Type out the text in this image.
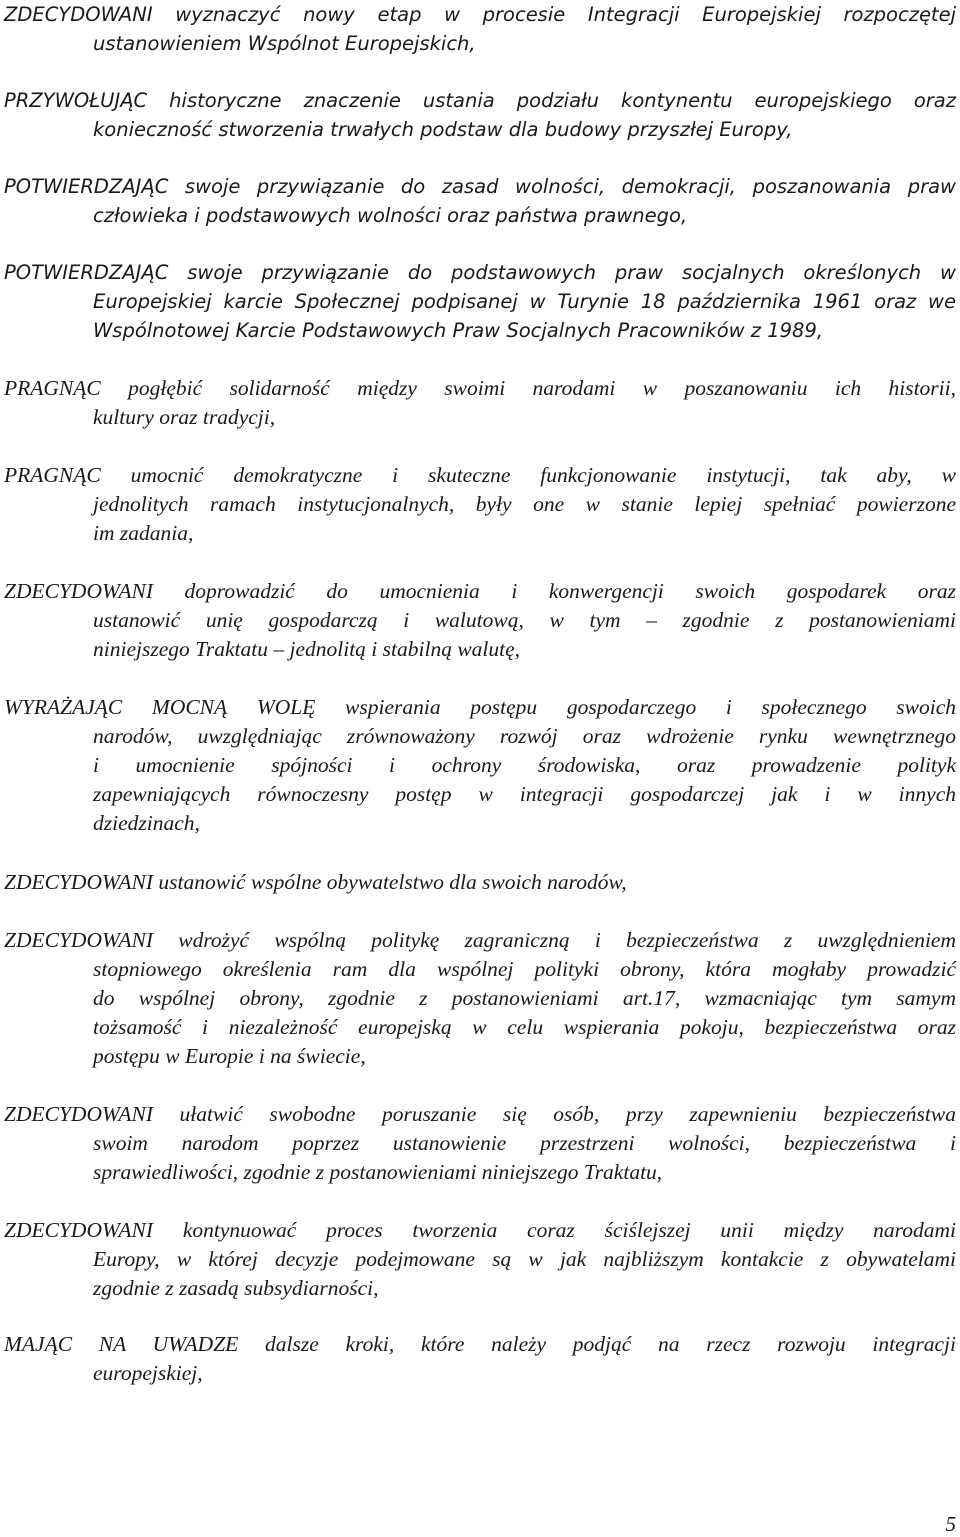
ZDECYDOWANI wyznaczyć nowy etap w procesie Integracji Europejskiej rozpoczętej
ustanowieniem Wspólnot Europejskich,

PRZYWOŁUJĄC historyczne znaczenie ustania podziału kontynentu europejskiego oraz
konieczność stworzenia trwałych podstaw dla budowy przyszłej Europy,

POTWIERDZAJĄC swoje przywiązanie do zasad wolności, demokracji, poszanowania praw
człowieka i podstawowych wolności oraz państwa prawnego,

POTWIERDZAJĄC swoje przywiązanie do podstawowych praw socjalnych określonych w
Europejskiej karcie Społecznej podpisanej w Turynie 18 października 1961 oraz we
Wspólnotowej Karcie Podstawowych Praw Socjalnych Pracowników z 1989,

PRAGNĄC pogłębić solidarność między swoimi narodami w poszanowaniu ich historii,
kultury oraz tradycji,

PRAGNĄC umocnić demokratyczne i skuteczne funkcjonowanie instytucji, tak aby, w
jednolitych ramach instytucjonalnych, były one w stanie lepiej spełniać powierzone
im zadania,

ZDECYDOWANI doprowadzić do umocnienia i konwergencji swoich gospodarek oraz
ustanowić unię gospodarczą i walutową, w tym – zgodnie z postanowieniami
niniejszego Traktatu – jednolitą i stabilną walutę,

WYRAŻAJĄC MOCNĄ WOLĘ wspierania postępu gospodarczego i społecznego swoich
narodów, uwzględniając zrównoważony rozwój oraz wdrożenie rynku wewnętrznego
i umocnienie spójności i ochrony środowiska, oraz prowadzenie polityk
zapewniających równoczesny postęp w integracji gospodarczej jak i w innych
dziedzinach,

ZDECYDOWANI ustanowić wspólne obywatelstwo dla swoich narodów,

ZDECYDOWANI wdrożyć wspólną politykę zagraniczną i bezpieczeństwa z uwzględnieniem
stopniowego określenia ram dla wspólnej polityki obrony, która mogłaby prowadzić
do wspólnej obrony, zgodnie z postanowieniami art.17, wzmacniając tym samym
tożsamość i niezależność europejską w celu wspierania pokoju, bezpieczeństwa oraz
postępu w Europie i na świecie,

ZDECYDOWANI ułatwić swobodne poruszanie się osób, przy zapewnieniu bezpieczeństwa
swoim narodom poprzez ustanowienie przestrzeni wolności, bezpieczeństwa i
sprawiedliwości, zgodnie z postanowieniami niniejszego Traktatu,

ZDECYDOWANI kontynuować proces tworzenia coraz ściślejszej unii między narodami
Europy, w której decyzje podejmowane są w jak najbliższym kontakcie z obywatelami
zgodnie z zasadą subsydiarności,

MAJĄC NA UWADZE dalsze kroki, które należy podjąć na rzecz rozwoju integracji
europejskiej,

5
